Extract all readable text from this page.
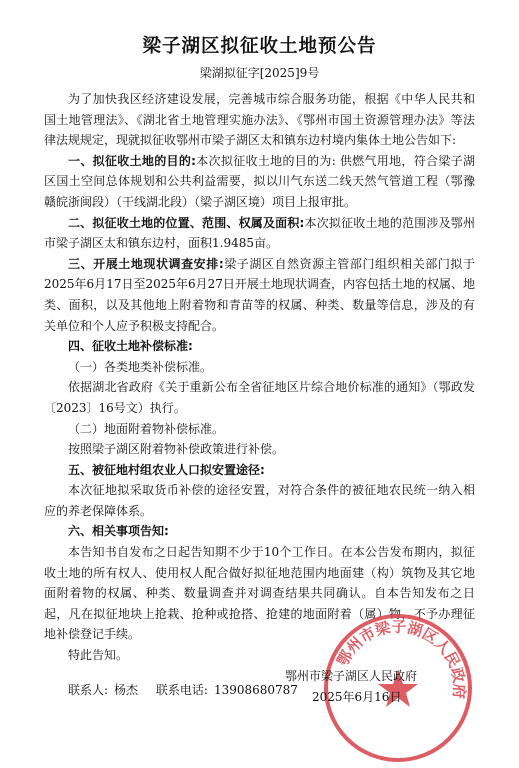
梁子湖区拟征收土地预公告
梁湖拟征字[2025]9号

为了加快我区经济建设发展，完善城市综合服务功能，根据《中华人民共和国土地管理法》、《湖北省土地管理实施办法》、《鄂州市国土资源管理办法》等法律法规规定，现就拟征收鄂州市梁子湖区太和镇东边村境内集体土地公告如下:

一、拟征收土地的目的:本次拟征收土地的目的为: 供燃气用地，符合梁子湖区国土空间总体规划和公共利益需要，拟以川气东送二线天然气管道工程（鄂豫赣皖浙闽段）（干线湖北段）（梁子湖区境）项目上报审批。

二、拟征收土地的位置、范围、权属及面积:本次拟征收土地的范围涉及鄂州市梁子湖区太和镇东边村，面积1.9485亩。

三、开展土地现状调查安排:梁子湖区自然资源主管部门组织相关部门拟于2025年6月17日至2025年6月27日开展土地现状调查，内容包括土地的权属、地类、面积，以及其他地上附着物和青苗等的权属、种类、数量等信息，涉及的有关单位和个人应予积极支持配合。

四、征收土地补偿标准:

（一）各类地类补偿标准。

依据湖北省政府《关于重新公布全省征地区片综合地价标准的通知》（鄂政发〔2023〕16号文）执行。

（二）地面附着物补偿标准。

按照梁子湖区附着物补偿政策进行补偿。

五、被征地村组农业人口拟安置途径:

本次征地拟采取货币补偿的途径安置，对符合条件的被征地农民统一纳入相应的养老保障体系。

六、相关事项告知:

本告知书自发布之日起告知期不少于10个工作日。在本公告发布期内，拟征收土地的所有权人、使用权人配合做好拟征地范围内地面建（构）筑物及其它地面附着物的权属、种类、数量调查并对调查结果共同确认。自本告知发布之日起，凡在拟征地块上抢栽、抢种或抢搭、抢建的地面附着（属）物，不予办理征地补偿登记手续。

特此告知。

联系人: 杨杰 联系电话: 13908680787

鄂州市梁子湖区人民政府
鄂州市梁子湖区人民政府
2025年6月16日
